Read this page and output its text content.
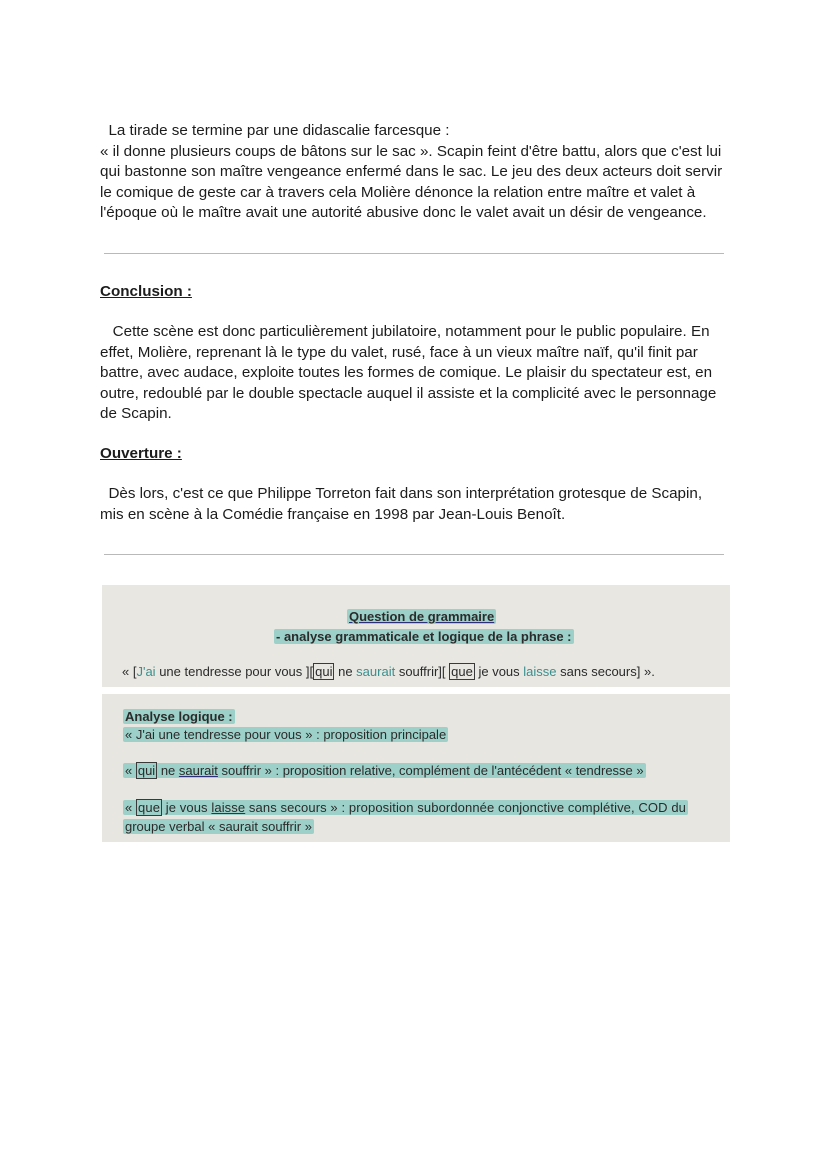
La tirade se termine par une didascalie farcesque :
« il donne plusieurs coups de bâtons sur le sac ». Scapin feint d'être battu, alors que c'est lui
qui bastonne son maître vengeance enfermé dans le sac. Le jeu des deux acteurs doit servir
le comique de geste car à travers cela Molière dénonce la relation entre maître et valet à
l'époque où le maître avait une autorité abusive donc le valet avait un désir de vengeance.

Conclusion :

Cette scène est donc particulièrement jubilatoire, notamment pour le public populaire. En
effet, Molière, reprenant là le type du valet, rusé, face à un vieux maître naïf, qu'il finit par
battre, avec audace, exploite toutes les formes de comique. Le plaisir du spectateur est, en
outre, redoublé par le double spectacle auquel il assiste et la complicité avec le personnage
de Scapin.

Ouverture :

Dès lors, c'est ce que Philippe Torreton fait dans son interprétation grotesque de Scapin,
mis en scène à la Comédie française en 1998 par Jean-Louis Benoît.

Question de grammaire
- analyse grammaticale et logique de la phrase :
« [J'ai une tendresse pour vous ][ qui ne saurait souffrir][ que je vous laisse sans secours] ».
Analyse logique :
« J'ai une tendresse pour vous » : proposition principale
« qui ne saurait souffrir » : proposition relative, complément de l'antécédent « tendresse »
« que je vous laisse sans secours » : proposition subordonnée conjonctive complétive, COD du
groupe verbal « saurait souffrir »
